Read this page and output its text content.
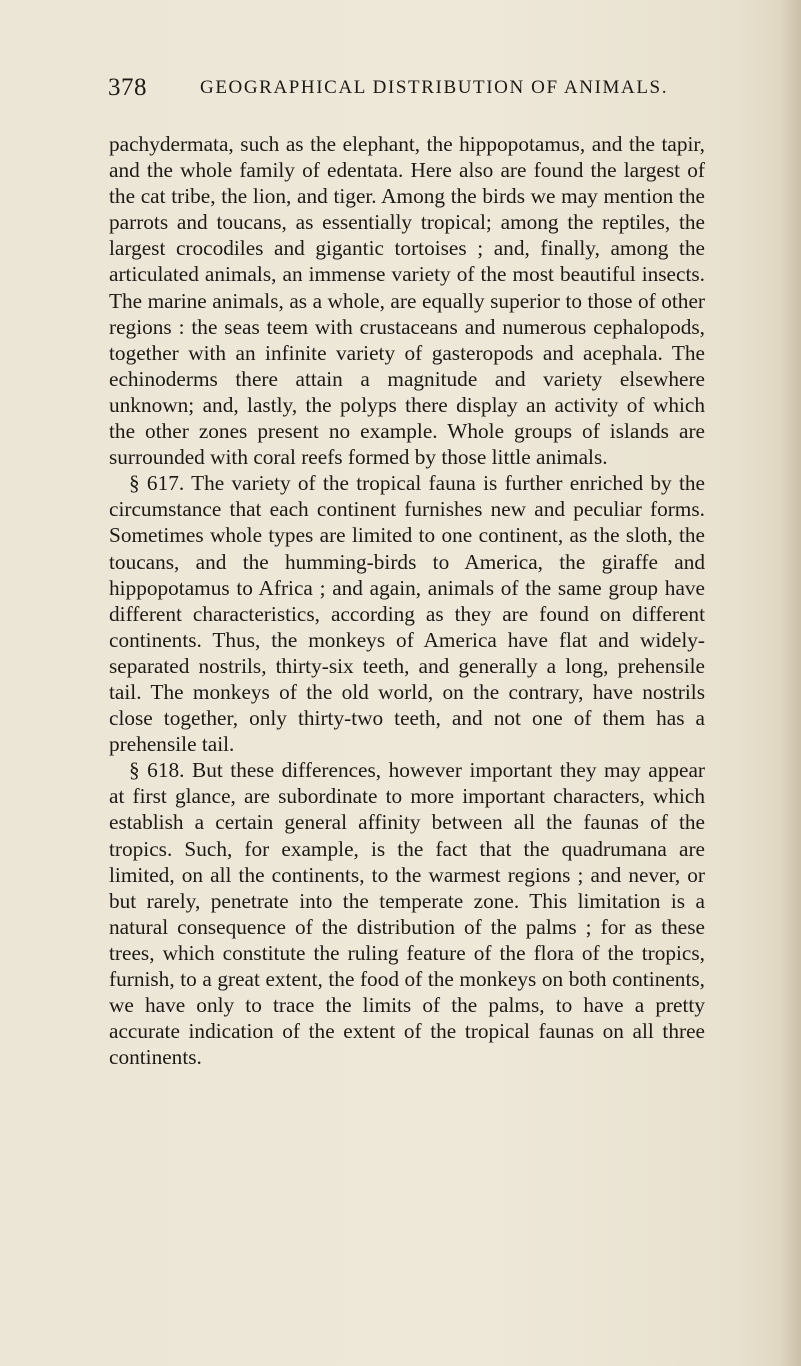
378	GEOGRAPHICAL DISTRIBUTION OF ANIMALS.

pachydermata, such as the elephant, the hippopotamus, and the tapir, and the whole family of edentata. Here also are found the largest of the cat tribe, the lion, and tiger. Among the birds we may mention the parrots and toucans, as essentially tropical; among the reptiles, the largest crocodiles and gigantic tortoises ; and, finally, among the articulated animals, an immense variety of the most beautiful insects. The marine animals, as a whole, are equally superior to those of other regions : the seas teem with crustaceans and numerous cephalopods, together with an infinite variety of gasteropods and acephala. The echinoderms there attain a magnitude and variety elsewhere unknown; and, lastly, the polyps there display an activity of which the other zones present no example. Whole groups of islands are surrounded with coral reefs formed by those little animals.

§ 617. The variety of the tropical fauna is further enriched by the circumstance that each continent furnishes new and peculiar forms. Sometimes whole types are limited to one continent, as the sloth, the toucans, and the humming-birds to America, the giraffe and hippopotamus to Africa ; and again, animals of the same group have different characteristics, according as they are found on different continents. Thus, the monkeys of America have flat and widely-separated nostrils, thirty-six teeth, and generally a long, prehensile tail. The monkeys of the old world, on the contrary, have nostrils close together, only thirty-two teeth, and not one of them has a prehensile tail.

§ 618. But these differences, however important they may appear at first glance, are subordinate to more important characters, which establish a certain general affinity between all the faunas of the tropics. Such, for example, is the fact that the quadrumana are limited, on all the continents, to the warmest regions ; and never, or but rarely, penetrate into the temperate zone. This limitation is a natural consequence of the distribution of the palms ; for as these trees, which constitute the ruling feature of the flora of the tropics, furnish, to a great extent, the food of the monkeys on both continents, we have only to trace the limits of the palms, to have a pretty accurate indication of the extent of the tropical faunas on all three continents.
